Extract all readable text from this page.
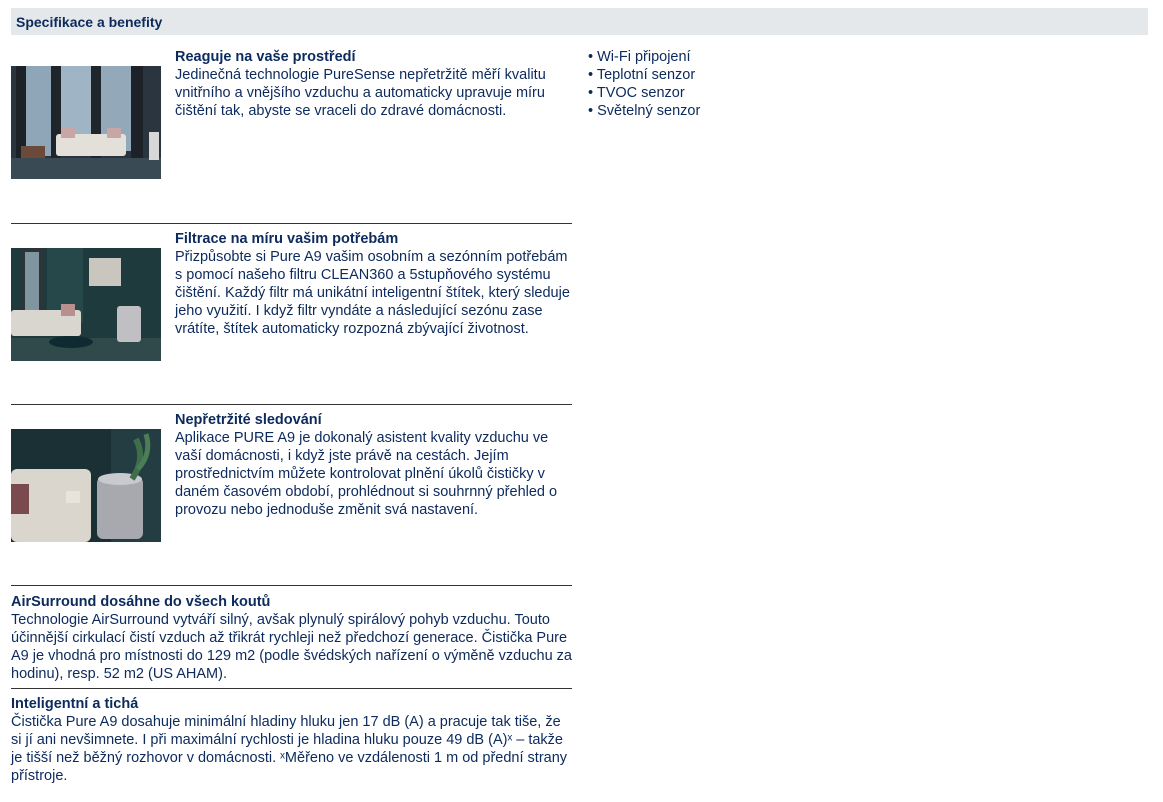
Specifikace a benefity

Reaguje na vaše prostředí

Jedinečná technologie PureSense nepřetržitě měří kvalitu vnitřního a vnějšího vzduchu a automaticky upravuje míru čištění tak, abyste se vraceli do zdravé domácnosti.

Filtrace na míru vašim potřebám

Přizpůsobte si Pure A9 vašim osobním a sezónním potřebám s pomocí našeho filtru CLEAN360 a 5stupňového systému čištění. Každý filtr má unikátní inteligentní štítek, který sleduje jeho využití. I když filtr vyndáte a následující sezónu zase vrátíte, štítek automaticky rozpozná zbývající životnost.

Nepřetržité sledování

Aplikace PURE A9 je dokonalý asistent kvality vzduchu ve vaší domácnosti, i když jste právě na cestách. Jejím prostřednictvím můžete kontrolovat plnění úkolů čističky v daném časovém období, prohlédnout si souhrnný přehled o provozu nebo jednoduše změnit svá nastavení.

AirSurround dosáhne do všech koutů

Technologie AirSurround vytváří silný, avšak plynulý spirálový pohyb vzduchu. Touto účinnější cirkulací čistí vzduch až třikrát rychleji než předchozí generace. Čistička Pure A9 je vhodná pro místnosti do 129 m2 (podle švédských nařízení o výměně vzduchu za hodinu), resp. 52 m2 (US AHAM).

Inteligentní a tichá

Čistička Pure A9 dosahuje minimální hladiny hluku jen 17 dB (A) a pracuje tak tiše, že si jí ani nevšimnete. I při maximální rychlosti je hladina hluku pouze 49 dB (A)ˣ – takže je tišší než běžný rozhovor v domácnosti. ˣMěřeno ve vzdálenosti 1 m od přední strany přístroje.

• Wi-Fi připojení
• Teplotní senzor
• TVOC senzor
• Světelný senzor
